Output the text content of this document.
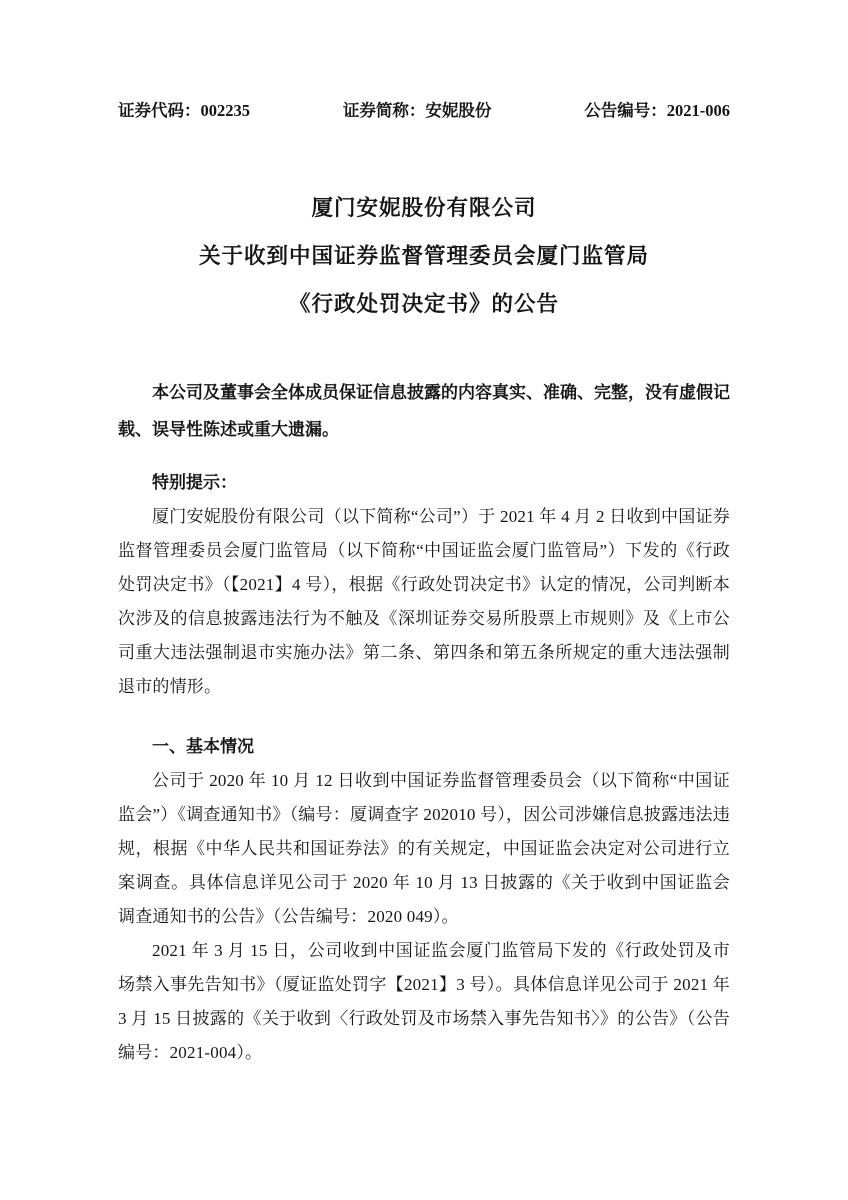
证券代码：002235	证券简称：安妮股份	公告编号：2021-006
厦门安妮股份有限公司
关于收到中国证券监督管理委员会厦门监管局
《行政处罚决定书》的公告

本公司及董事会全体成员保证信息披露的内容真实、准确、完整，没有虚假记载、误导性陈述或重大遗漏。

特别提示：

厦门安妮股份有限公司（以下简称“公司”）于 2021 年 4 月 2 日收到中国证券监督管理委员会厦门监管局（以下简称“中国证监会厦门监管局”）下发的《行政处罚决定书》（【2021】4 号），根据《行政处罚决定书》认定的情况，公司判断本次涉及的信息披露违法行为不触及《深圳证券交易所股票上市规则》及《上市公司重大违法强制退市实施办法》第二条、第四条和第五条所规定的重大违法强制退市的情形。

一、基本情况

公司于 2020 年 10 月 12 日收到中国证券监督管理委员会（以下简称“中国证监会”）《调查通知书》（编号：厦调查字 202010 号），因公司涉嫌信息披露违法违规，根据《中华人民共和国证券法》的有关规定，中国证监会决定对公司进行立案调查。具体信息详见公司于 2020 年 10 月 13 日披露的《关于收到中国证监会调查通知书的公告》（公告编号：2020 049）。

2021 年 3 月 15 日，公司收到中国证监会厦门监管局下发的《行政处罚及市场禁入事先告知书》（厦证监处罚字【2021】3 号）。具体信息详见公司于 2021 年 3 月 15 日披露的《关于收到〈行政处罚及市场禁入事先告知书〉》的公告》（公告编号：2021-004）。
